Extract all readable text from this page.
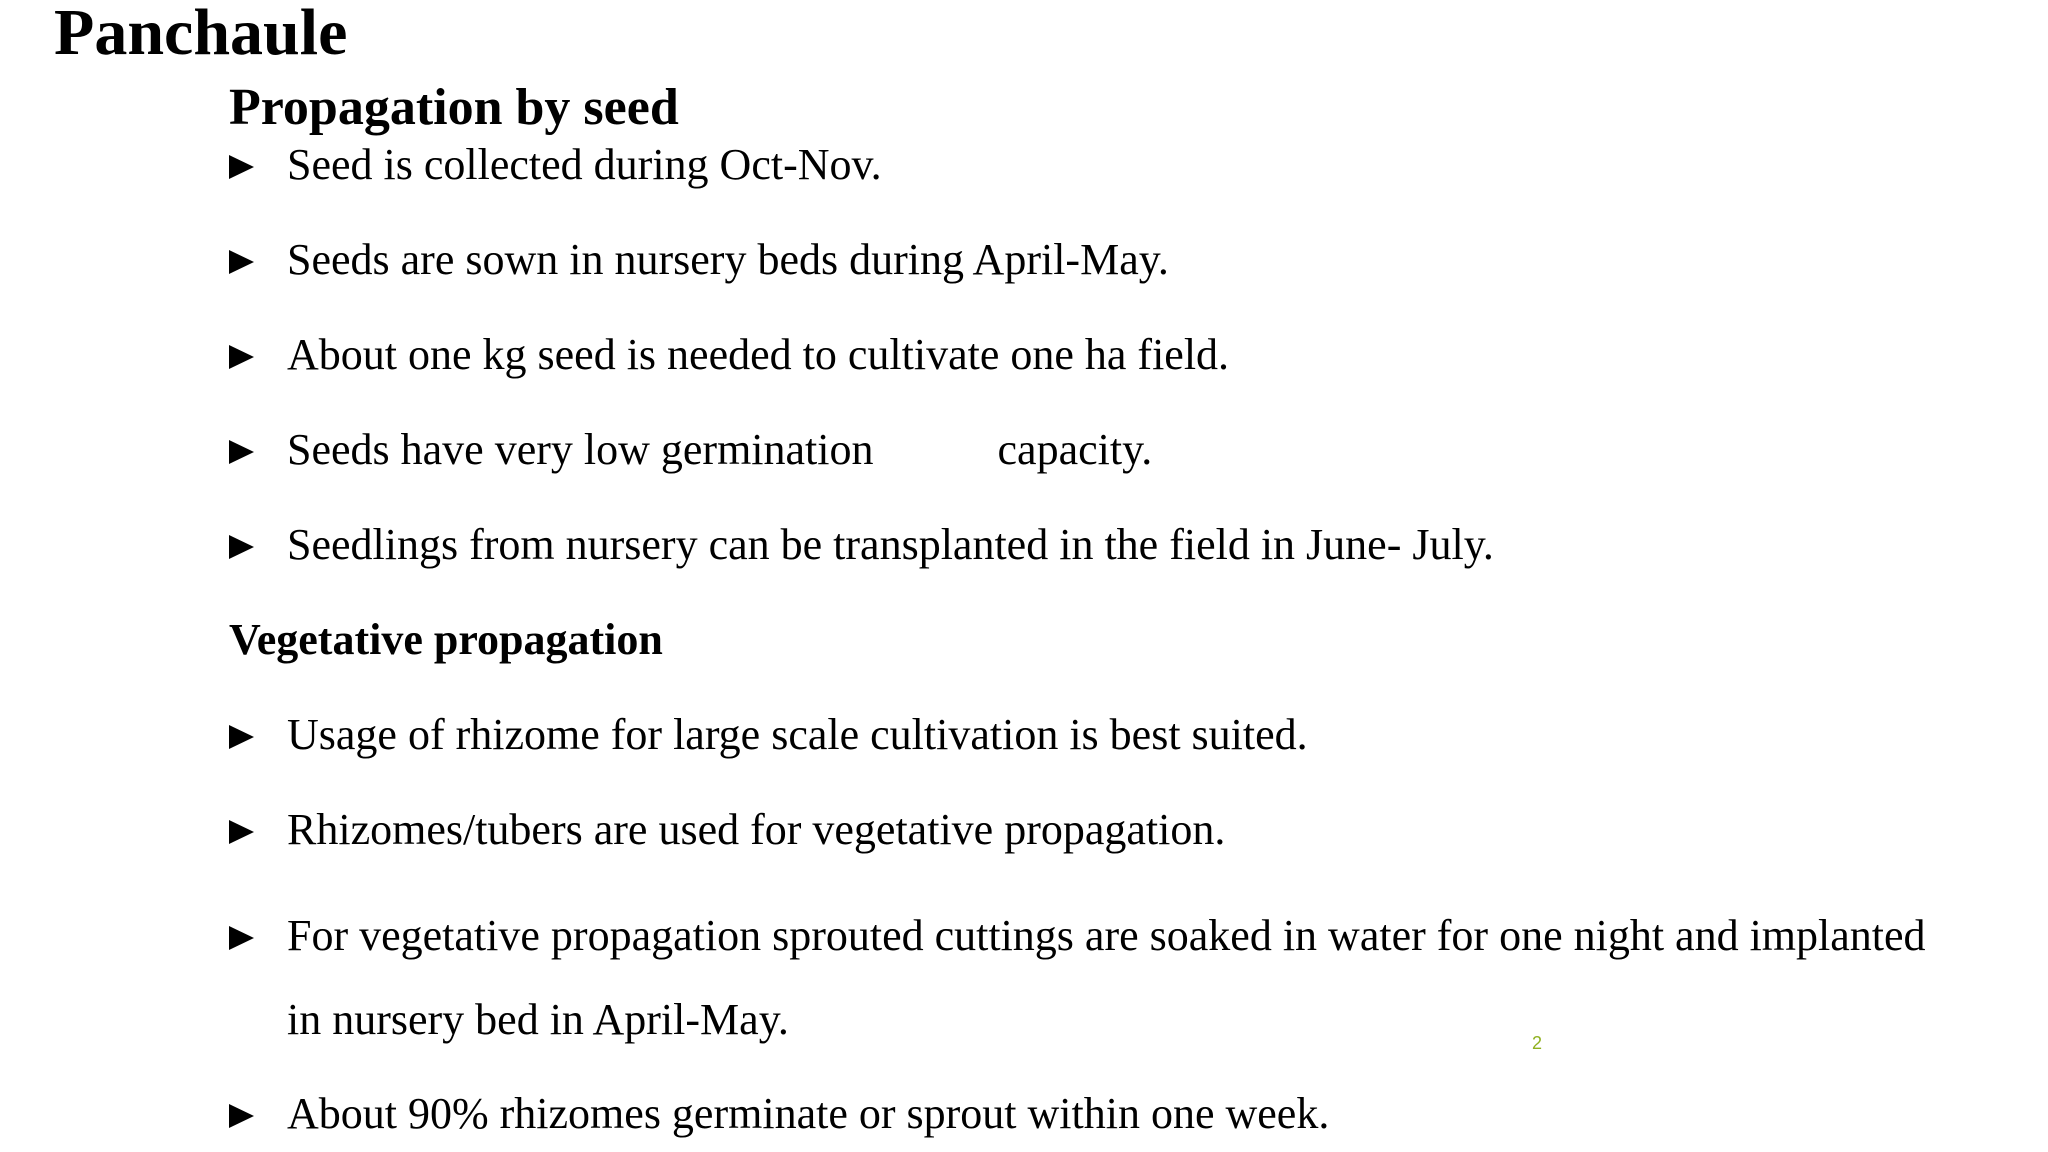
Panchaule
Propagation by seed
Seed is collected during Oct-Nov.
Seeds are sown in nursery beds during April-May.
About one kg seed is needed to cultivate one ha field.
Seeds have very low germination	capacity.
Seedlings from nursery can be transplanted in the field in June- July.
Vegetative propagation
Usage of rhizome for large scale cultivation is best suited.
Rhizomes/tubers are used for vegetative propagation.
For vegetative propagation sprouted cuttings are soaked in water for one night and implanted
in nursery bed in April-May.
About 90% rhizomes germinate or sprout within one week.
2
